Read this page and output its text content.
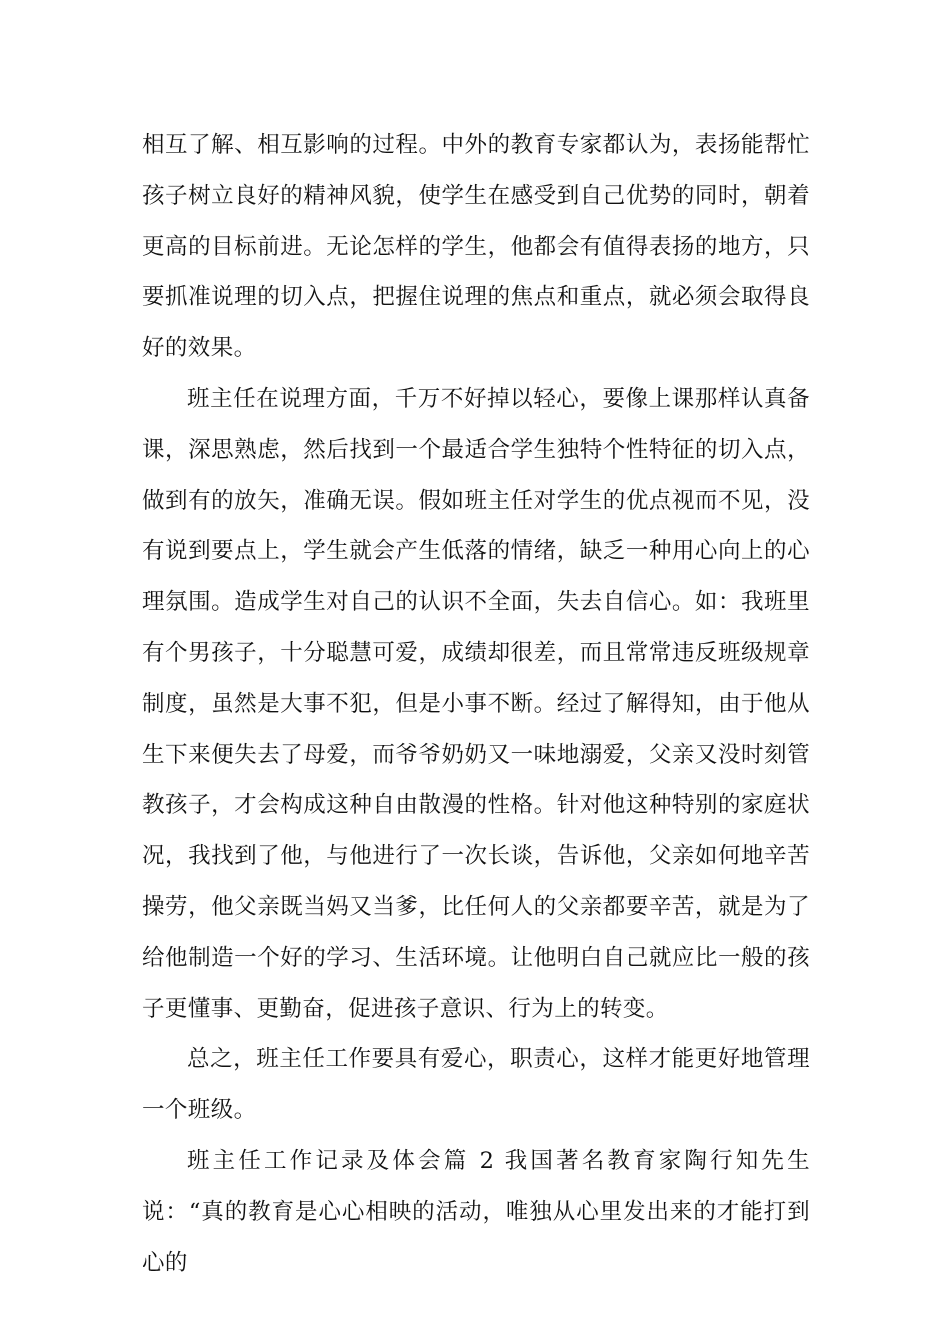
相互了解、相互影响的过程。中外的教育专家都认为，表扬能帮忙孩子树立良好的精神风貌，使学生在感受到自己优势的同时，朝着更高的目标前进。无论怎样的学生，他都会有值得表扬的地方，只要抓准说理的切入点，把握住说理的焦点和重点，就必须会取得良好的效果。

班主任在说理方面，千万不好掉以轻心，要像上课那样认真备课，深思熟虑，然后找到一个最适合学生独特个性特征的切入点，做到有的放矢，准确无误。假如班主任对学生的优点视而不见，没有说到要点上，学生就会产生低落的情绪，缺乏一种用心向上的心理氛围。造成学生对自己的认识不全面，失去自信心。如：我班里有个男孩子，十分聪慧可爱，成绩却很差，而且常常违反班级规章制度，虽然是大事不犯，但是小事不断。经过了解得知，由于他从生下来便失去了母爱，而爷爷奶奶又一味地溺爱，父亲又没时刻管教孩子，才会构成这种自由散漫的性格。针对他这种特别的家庭状况，我找到了他，与他进行了一次长谈，告诉他，父亲如何地辛苦操劳，他父亲既当妈又当爹，比任何人的父亲都要辛苦，就是为了给他制造一个好的学习、生活环境。让他明白自己就应比一般的孩子更懂事、更勤奋，促进孩子意识、行为上的转变。

总之，班主任工作要具有爱心，职责心，这样才能更好地管理一个班级。

班主任工作记录及体会篇 2 我国著名教育家陶行知先生说：“真的教育是心心相映的活动，唯独从心里发出来的才能打到心的
